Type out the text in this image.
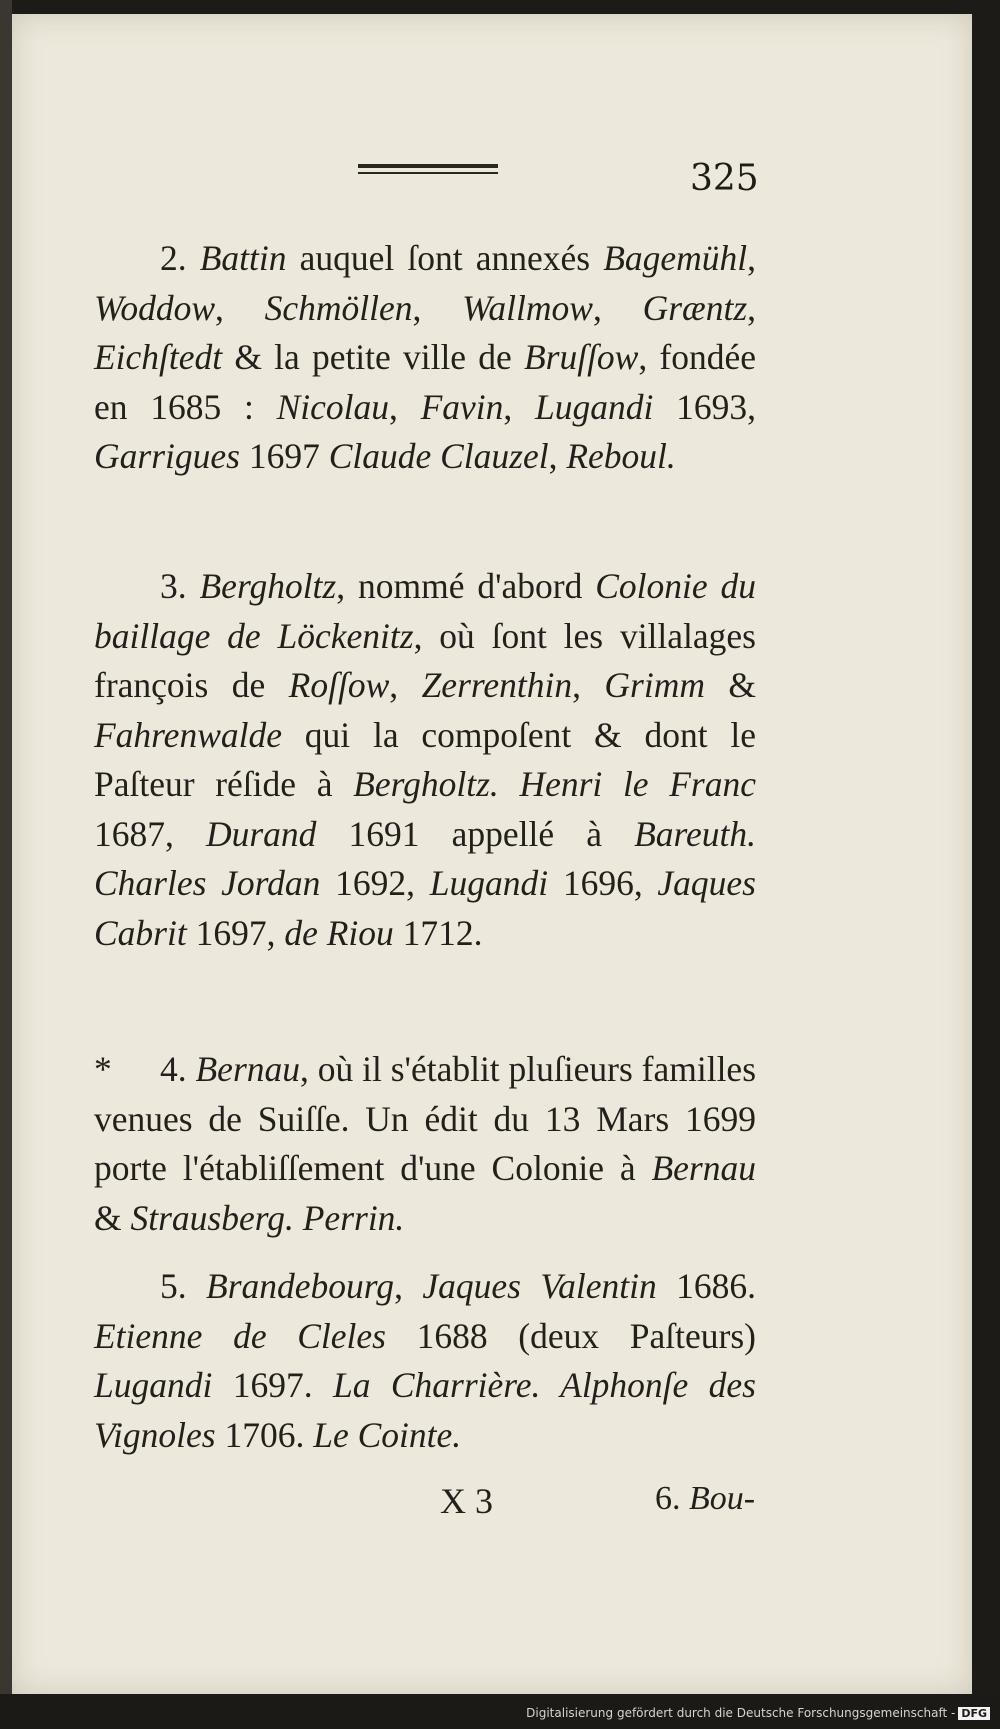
325

2. Battin auquel ſont annexés Bagemühl, Woddow, Schmöllen, Wallmow, Græntz, Eichſtedt & la petite ville de Bruſſow, fondée en 1685 : Nicolau, Favin, Lugandi 1693, Garrigues 1697 Claude Clauzel, Reboul.

3. Bergholtz, nommé d'abord Colonie du baillage de Löckenitz, où ſont les villalages françois de Roſſow, Zerrenthin, Grimm & Fahrenwalde qui la compoſent & dont le Paſteur réſide à Bergholtz. Henri le Franc 1687, Durand 1691 appellé à Bareuth. Charles Jordan 1692, Lugandi 1696, Jaques Cabrit 1697, de Riou 1712.

* 4. Bernau, où il s'établit pluſieurs familles venues de Suiſſe. Un édit du 13 Mars 1699 porte l'établiſſement d'une Colonie à Bernau & Strausberg. Perrin.

5. Brandebourg, Jaques Valentin 1686. Etienne de Cleles 1688 (deux Paſteurs) Lugandi 1697. La Charrière. Alphonſe des Vignoles 1706. Le Cointe.

X 3	6. Bou-
Digitalisierung gefördert durch die Deutsche Forschungsgemeinschaft - DFG
